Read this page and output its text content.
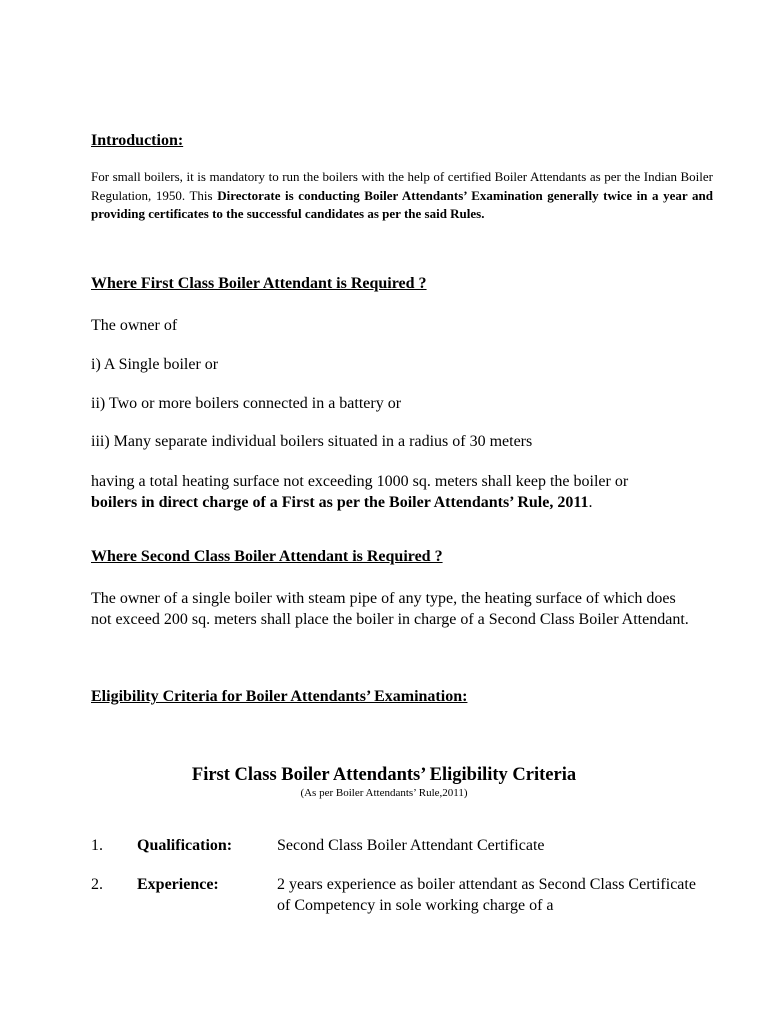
Introduction:
For small boilers, it is mandatory to run the boilers with the help of certified Boiler Attendants as per the Indian Boiler Regulation, 1950. This Directorate is conducting Boiler Attendants’ Examination generally twice in a year and providing certificates to the successful candidates as per the said Rules.
Where First Class Boiler Attendant is Required ?
The owner of
i) A Single boiler or
ii) Two or more boilers connected in a battery or
iii) Many separate individual boilers situated in a radius of 30 meters
having a total heating surface not exceeding 1000 sq. meters shall keep the boiler or
boilers in direct charge of a First as per the Boiler Attendants’ Rule, 2011.
Where Second Class Boiler Attendant is Required ?
The owner of a single boiler with steam pipe of any type, the heating surface of which does not exceed 200 sq. meters shall place the boiler in charge of a Second Class Boiler Attendant.
Eligibility Criteria for Boiler Attendants’ Examination:
First Class Boiler Attendants’ Eligibility Criteria
(As per Boiler Attendants’ Rule,2011)
1. Qualification:	Second Class Boiler Attendant Certificate
2. Experience:	2 years experience as boiler attendant as Second Class Certificate of Competency in sole working charge of a
